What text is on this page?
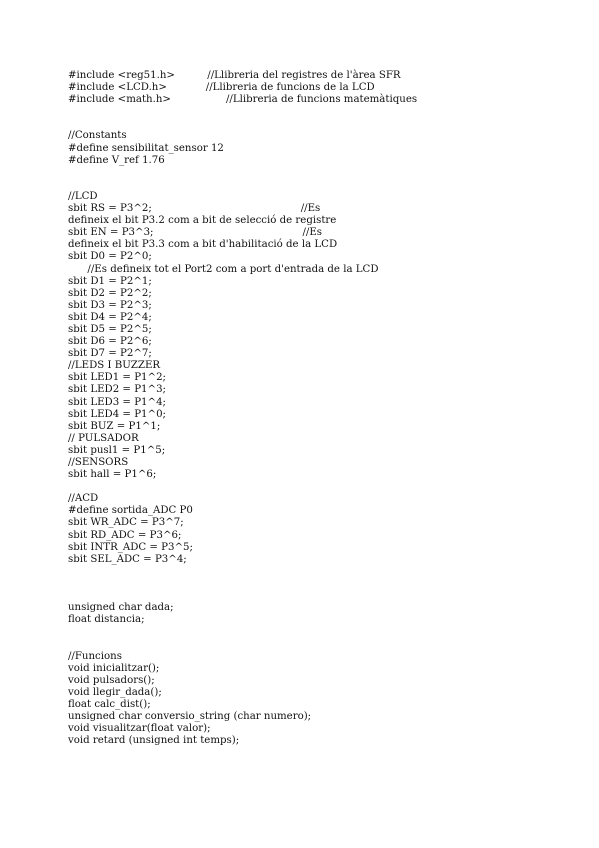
#include <reg51.h>          //Llibreria del registres de l'àrea SFR
#include <LCD.h>            //Llibreria de funcions de la LCD
#include <math.h>                 //Llibreria de funcions matemàtiques
//Constants
#define sensibilitat_sensor 12
#define V_ref 1.76
//LCD
sbit RS = P3^2;                                              //Es
defineix el bit P3.2 com a bit de selecció de registre
sbit EN = P3^3;                                              //Es
defineix el bit P3.3 com a bit d'habilitació de la LCD
sbit D0 = P2^0;
//Es defineix tot el Port2 com a port d'entrada de la LCD
sbit D1 = P2^1;
sbit D2 = P2^2;
sbit D3 = P2^3;
sbit D4 = P2^4;
sbit D5 = P2^5;
sbit D6 = P2^6;
sbit D7 = P2^7;
//LEDS I BUZZER
sbit LED1 = P1^2;
sbit LED2 = P1^3;
sbit LED3 = P1^4;
sbit LED4 = P1^0;
sbit BUZ = P1^1;
// PULSADOR
sbit pusl1 = P1^5;
//SENSORS
sbit hall = P1^6;
//ACD
#define sortida_ADC P0
sbit WR_ADC = P3^7;
sbit RD_ADC = P3^6;
sbit INTR_ADC = P3^5;
sbit SEL_ADC = P3^4;
unsigned char dada;
float distancia;
//Funcions
void inicialitzar();
void pulsadors();
void llegir_dada();
float calc_dist();
unsigned char conversio_string (char numero);
void visualitzar(float valor);
void retard (unsigned int temps);
